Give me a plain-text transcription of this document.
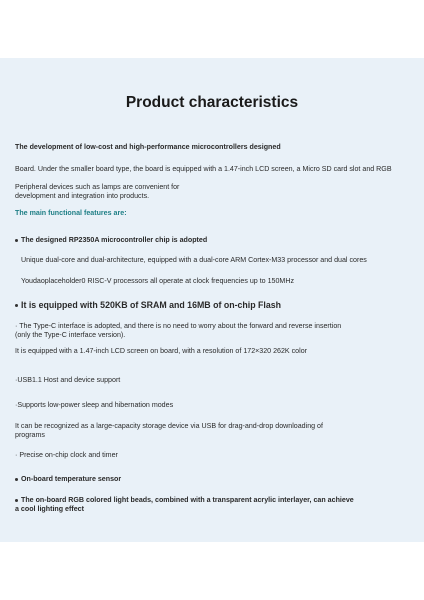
Product characteristics

The development of low-cost and high-performance microcontrollers designed

Board. Under the smaller board type, the board is equipped with a 1.47-inch LCD screen, a Micro SD card slot and RGB

Peripheral devices such as lamps are convenient for development and integration into products.

The main functional features are:

The designed RP2350A microcontroller chip is adopted

Unique dual-core and dual-architecture, equipped with a dual-core ARM Cortex-M33 processor and dual cores

Youdaoplaceholder0 RISC-V processors all operate at clock frequencies up to 150MHz

It is equipped with 520KB of SRAM and 16MB of on-chip Flash

· The Type-C interface is adopted, and there is no need to worry about the forward and reverse insertion (only the Type-C interface version).

It is equipped with a 1.47-inch LCD screen on board, with a resolution of 172×320 262K color

·USB1.1 Host and device support

·Supports low-power sleep and hibernation modes

It can be recognized as a large-capacity storage device via USB for drag-and-drop downloading of programs

· Precise on-chip clock and timer

On-board temperature sensor

The on-board RGB colored light beads, combined with a transparent acrylic interlayer, can achieve a cool lighting effect
